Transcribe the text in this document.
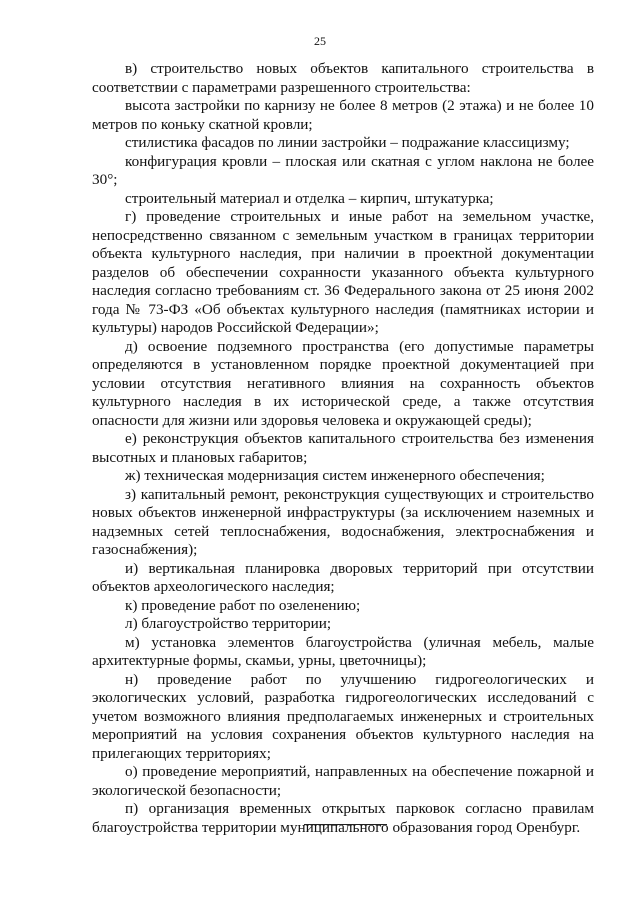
25

в) строительство новых объектов капитального строительства в соответствии с параметрами разрешенного строительства:

высота застройки по карнизу не более 8 метров (2 этажа) и не более 10 метров по коньку скатной кровли;

стилистика фасадов по линии застройки – подражание классицизму;

конфигурация кровли – плоская или скатная с углом наклона не более 30°;

строительный материал и отделка – кирпич, штукатурка;

г) проведение строительных и иные работ на земельном участке, непосредственно связанном с земельным участком в границах территории объекта культурного наследия, при наличии в проектной документации разделов об обеспечении сохранности указанного объекта культурного наследия согласно требованиям ст. 36 Федерального закона от 25 июня 2002 года № 73-ФЗ «Об объектах культурного наследия (памятниках истории и культуры) народов Российской Федерации»;

д) освоение подземного пространства (его допустимые параметры определяются в установленном порядке проектной документацией при условии отсутствия негативного влияния на сохранность объектов культурного наследия в их исторической среде, а также отсутствия опасности для жизни или здоровья человека и окружающей среды);

е) реконструкция объектов капитального строительства без изменения высотных и плановых габаритов;

ж) техническая модернизация систем инженерного обеспечения;

з) капитальный ремонт, реконструкция существующих и строительство новых объектов инженерной инфраструктуры (за исключением наземных и надземных сетей теплоснабжения, водоснабжения, электроснабжения и газоснабжения);

и) вертикальная планировка дворовых территорий при отсутствии объектов археологического наследия;

к) проведение работ по озеленению;

л) благоустройство территории;

м) установка элементов благоустройства (уличная мебель, малые архитектурные формы, скамьи, урны, цветочницы);

н) проведение работ по улучшению гидрогеологических и экологических условий, разработка гидрогеологических исследований с учетом возможного влияния предполагаемых инженерных и строительных мероприятий на условия сохранения объектов культурного наследия на прилегающих территориях;

о) проведение мероприятий, направленных на обеспечение пожарной и экологической безопасности;

п) организация временных открытых парковок согласно правилам благоустройства территории муниципального образования город Оренбург.
